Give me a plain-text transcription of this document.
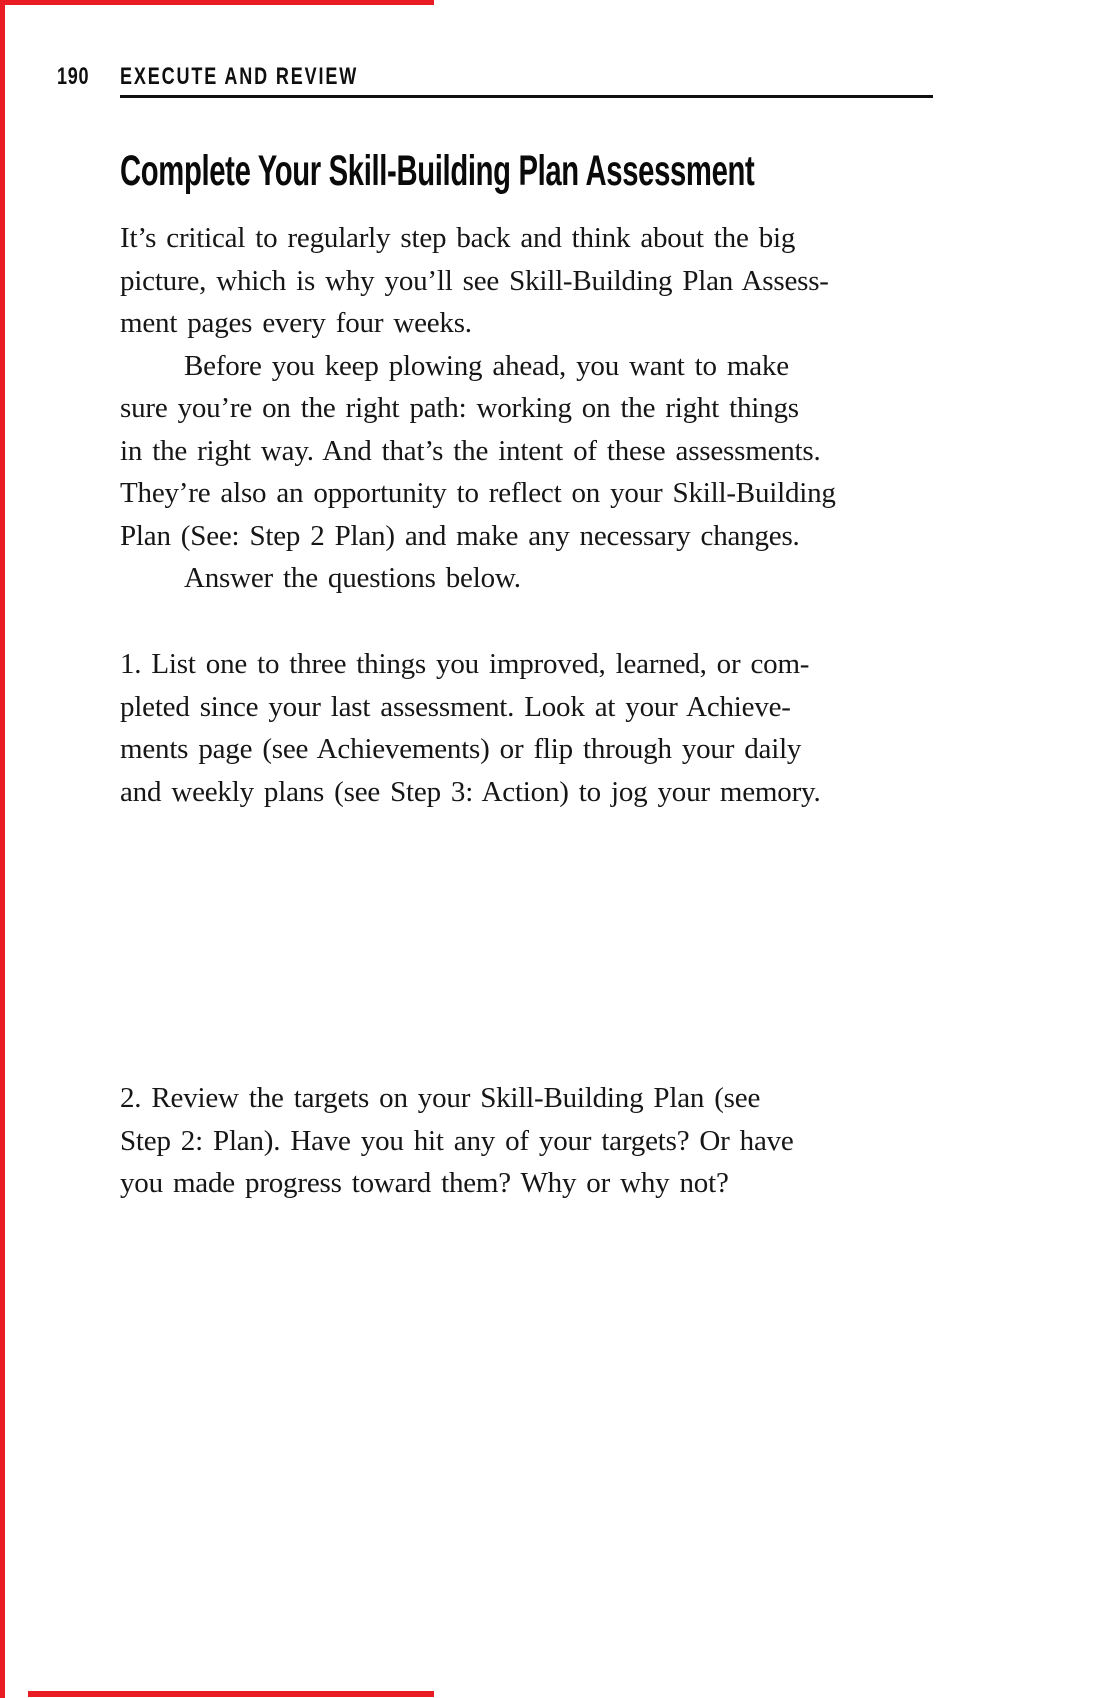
190 EXECUTE AND REVIEW
Complete Your Skill-Building Plan Assessment
It’s critical to regularly step back and think about the big
picture, which is why you’ll see Skill-Building Plan Assess-
ment pages every four weeks.
Before you keep plowing ahead, you want to make
sure you’re on the right path: working on the right things
in the right way. And that’s the intent of these assessments.
They’re also an opportunity to reflect on your Skill-Building
Plan (See: Step 2 Plan) and make any necessary changes.
Answer the questions below.
1. List one to three things you improved, learned, or com-
pleted since your last assessment. Look at your Achieve-
ments page (see Achievements) or flip through your daily
and weekly plans (see Step 3: Action) to jog your memory.
2. Review the targets on your Skill-Building Plan (see
Step 2: Plan). Have you hit any of your targets? Or have
you made progress toward them? Why or why not?
